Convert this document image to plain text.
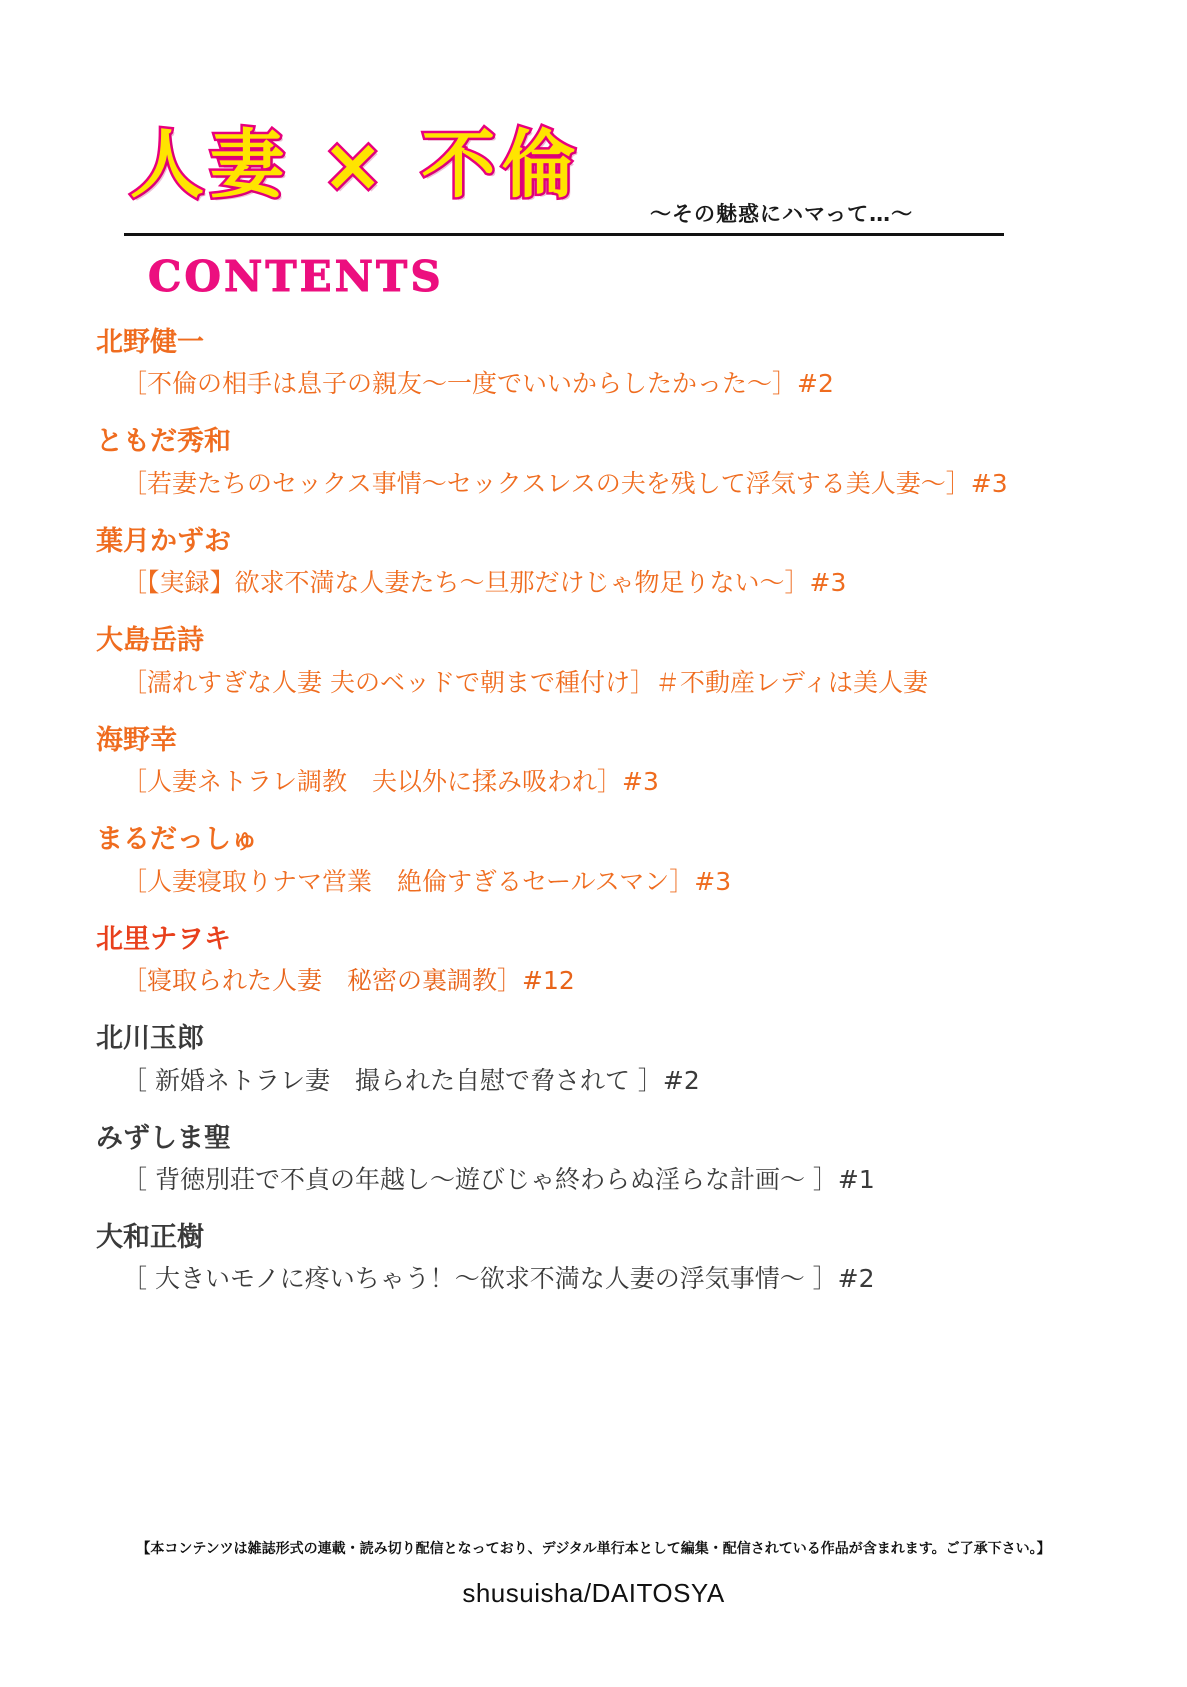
人妻 × 不倫
〜その魅惑にハマって…〜
CONTENTS
北野健一
［不倫の相手は息子の親友〜一度でいいからしたかった〜］#2
ともだ秀和
［若妻たちのセックス事情〜セックスレスの夫を残して浮気する美人妻〜］#3
葉月かずお
［【実録】欲求不満な人妻たち〜旦那だけじゃ物足りない〜］#3
大島岳詩
［濡れすぎな人妻 夫のベッドで朝まで種付け］＃不動産レディは美人妻
海野幸
［人妻ネトラレ調教　夫以外に揉み吸われ］#3
まるだっしゅ
［人妻寝取りナマ営業　絶倫すぎるセールスマン］#3
北里ナヲキ
［寝取られた人妻　秘密の裏調教］#12
北川玉郎
［ 新婚ネトラレ妻　撮られた自慰で脅されて ］#2
みずしま聖
［ 背徳別荘で不貞の年越し〜遊びじゃ終わらぬ淫らな計画〜 ］#1
大和正樹
［ 大きいモノに疼いちゃう！〜欲求不満な人妻の浮気事情〜 ］#2
【本コンテンツは雑誌形式の連載・読み切り配信となっており、デジタル単行本として編集・配信されている作品が含まれます。ご了承下さい。】
shusuisha/DAITOSYA
